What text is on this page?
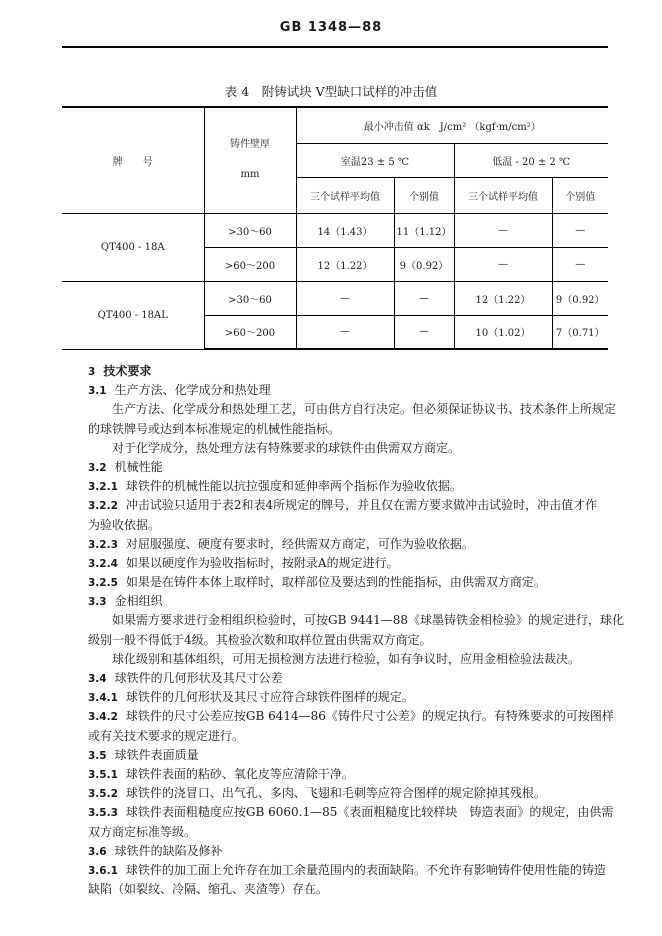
GB 1348—88
表 4　附铸试块 V型缺口试样的冲击值
牌　　号	铸件壁厚
mm	最小冲击值 αk　J/cm² （kgf·m/cm²）			
		室温23 ± 5 ℃		低温 - 20 ± 2 ℃	
		三个试样平均值	个别值	三个试样平均值	个别值
QT400 - 18A	>30～60	14（1.43）	11（1.12）	—	—
	>60～200	12（1.22）	9（0.92）	—	—
QT400 - 18AL	>30～60	—	—	12（1.22）	9（0.92）
	>60～200	—	—	10（1.02）	7（0.71）
3 技术要求
3.1 生产方法、化学成分和热处理
生产方法、化学成分和热处理工艺，可由供方自行决定。但必须保证协议书、技术条件上所规定
的球铁牌号或达到本标准规定的机械性能指标。
对于化学成分，热处理方法有特殊要求的球铁件由供需双方商定。
3.2 机械性能
3.2.1 球铁件的机械性能以抗拉强度和延伸率两个指标作为验收依据。
3.2.2 冲击试验只适用于表2和表4所规定的牌号，并且仅在需方要求做冲击试验时，冲击值才作
为验收依据。
3.2.3 对屈服强度、硬度有要求时，经供需双方商定，可作为验收依据。
3.2.4 如果以硬度作为验收指标时，按附录A的规定进行。
3.2.5 如果是在铸件本体上取样时，取样部位及要达到的性能指标，由供需双方商定。
3.3 金相组织
如果需方要求进行金相组织检验时，可按GB 9441—88《球墨铸铁金相检验》的规定进行，球化
级别一般不得低于4级。其检验次数和取样位置由供需双方商定。
球化级别和基体组织，可用无损检测方法进行检验，如有争议时，应用金相检验法裁决。
3.4 球铁件的几何形状及其尺寸公差
3.4.1 球铁件的几何形状及其尺寸应符合球铁件图样的规定。
3.4.2 球铁件的尺寸公差应按GB 6414—86《铸件尺寸公差》的规定执行。有特殊要求的可按图样
或有关技术要求的规定进行。
3.5 球铁件表面质量
3.5.1 球铁件表面的粘砂、氧化皮等应清除干净。
3.5.2 球铁件的浇冒口、出气孔、多肉、飞翅和毛刺等应符合图样的规定除掉其残根。
3.5.3 球铁件表面粗糙度应按GB 6060.1—85《表面粗糙度比较样块　铸造表面》的规定，由供需
双方商定标准等级。
3.6 球铁件的缺陷及修补
3.6.1 球铁件的加工面上允许存在加工余量范围内的表面缺陷。不允许有影响铸件使用性能的铸造
缺陷（如裂纹、冷隔、缩孔、夹渣等）存在。
